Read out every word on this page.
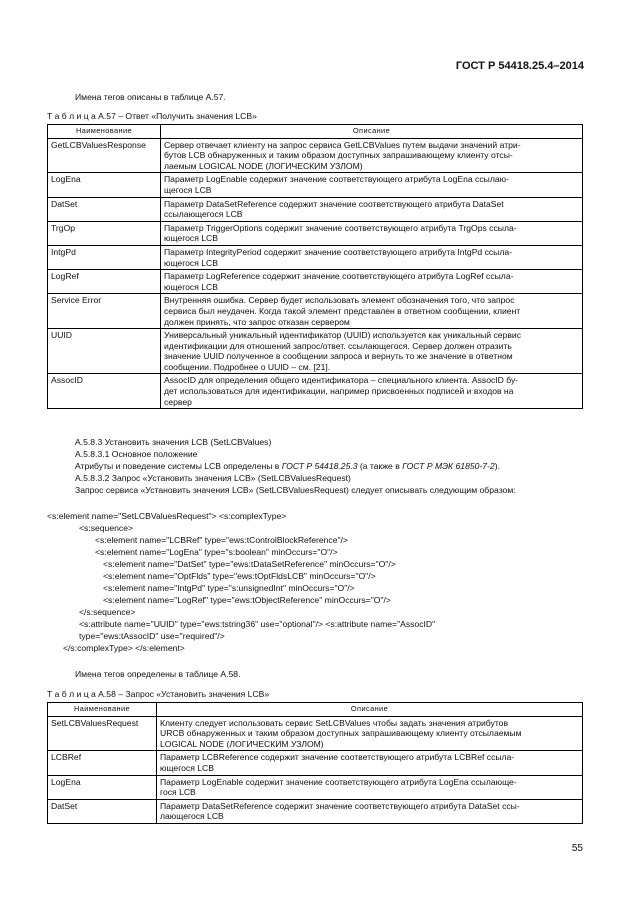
ГОСТ Р 54418.25.4–2014
Имена тегов описаны в таблице А.57.
Т а б л и ц а А.57 – Ответ «Получить значения LCB»
Наименование	Описание
GetLCBValuesResponse	Сервер отвечает клиенту на запрос сервиса GetLCBValues путем выдачи значений атри-
бутов LCB обнаруженных и таким образом доступных запрашивающему клиенту отсы-
лаемым LOGICAL NODE (ЛОГИЧЕСКИМ УЗЛОМ)

LogEna	Параметр LogEnable содержит значение соответствующего атрибута LogEna ссылаю-
щегося LCB

DatSet	Параметр DataSetReference содержит значение соответствующего атрибута DataSet
ссылающегося LCB

TrgOp	Параметр TriggerOptions содержит значение соответствующего атрибута TrgOps ссыла-
ющегося LCB

IntgPd	Параметр IntegrityPeriod содержит значение соответствующего атрибута IntgPd ссыла-
ющегося LCB

LogRef	Параметр LogReference содержит значение соответствующего атрибута LogRef ссыла-
ющегося LCB

Service Error	Внутренняя ошибка. Сервер будет использовать элемент обозначения того, что запрос
сервиса был неудачен. Когда такой элемент представлен в ответном сообщении, клиент
должен принять, что запрос отказан сервером

UUID	Универсальный уникальный идентификатор (UUID) используется как уникальный сервис
идентификации для отношений запрос/ответ. ссылающегося. Сервер должен отразить
значение UUID полученное в сообщении запроса и вернуть то же значение в ответном
сообщении. Подробнее о UUID – см. [21].

AssocID	AssocID для определения общего идентификатора – специального клиента. AssocID бу-
дет использоваться для идентификации, например присвоенных подписей и входов на
сервер
А.5.8.3 Установить значения LCB (SetLCBValues)
А.5.8.3.1 Основное положение
Атрибуты и поведение системы LCB определены в ГОСТ Р 54418.25.3 (а также в ГОСТ Р МЭК 61850-7-2).
А.5.8.3.2 Запрос «Установить значения LCB» (SetLCBValuesRequest)
Запрос сервиса «Установить значения LCB» (SetLCBValuesRequest) следует описывать следующим образом:
<s:element name="SetLCBValuesRequest"> <s:complexType>
<s:sequence>
<s:element name="LCBRef" type="ews:tControlBlockReference"/>
<s:element name="LogEna" type="s:boolean" minOccurs="O"/>
<s:element name="DatSet" type="ews:tDataSetReference" minOccurs="O"/>
<s:element name="OptFlds" type="ews:tOptFldsLCB" minOccurs="O"/>
<s:element name="IntgPd" type="s:unsignedInt" minOccurs="O"/>
<s:element name="LogRef" type="ews:tObjectReference" minOccurs="O"/>
</s:sequence>
<s:attribute name="UUID" type="ews:tstring36" use="optional"/> <s:attribute name="AssocID"
type="ews:tAssocID" use="required"/>
</s:complexType> </s:element>
Имена тегов определены в таблице А.58.
Т а б л и ц а А.58 – Запрос «Установить значения LCB»
Наименование	Описание
SetLCBValuesRequest	Клиенту следует использовать сервис SetLCBValues чтобы задать значения атрибутов
URCB обнаруженных и таким образом доступных запрашивающему клиенту отсылаемым
LOGICAL NODE (ЛОГИЧЕСКИМ УЗЛОМ)

LCBRef	Параметр LCBReference содержит значение соответствующего атрибута LCBRef ссыла-
ющегося LCB

LogEna	Параметр LogEnable содержит значение соответствующего атрибута LogEna ссылающе-
гося LCB

DatSet	Параметр DataSetReference содержит значение соответствующего атрибута DataSet ссы-
лающегося LCB
55
